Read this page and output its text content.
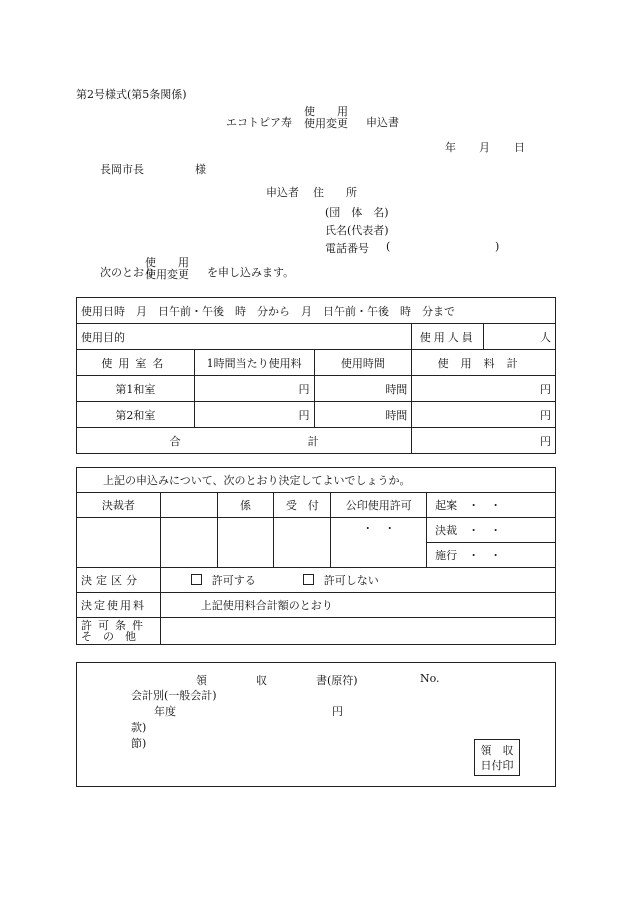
第2号様式(第5条関係)
エコトピア寿
使　　用
使用変更 申込書
年 月 日
長岡市長	様
申込者 住　　所
(団　体　名)
氏名(代表者)
電話番号 (	)
次のとおり
使　　用
使用変更 を申し込みます。
使用日時　月　日午前・午後　時　分から　月　日午前・午後　時　分まで				
使用目的			使用人員	人
使用室名	1時間当たり使用料	使用時間	使用料計	
第1和室	円	時間	円	
第2和室	円	時間	円	
合 計			円	
上記の申込みについて、次のとおり決定してよいでしょうか。					
決裁者		係	受　付	公印使用許可	起案　・　・
				・　・	決裁　・　・
					施行　・　・
決定区分	許可する 許可しない				
決定使用料	上記使用料合計額のとおり				

許可条件
そ　の　他					

領	収	書(原符)	No.
会計別(一般会計)
年度	円
款)
節)	領　収
日付印
